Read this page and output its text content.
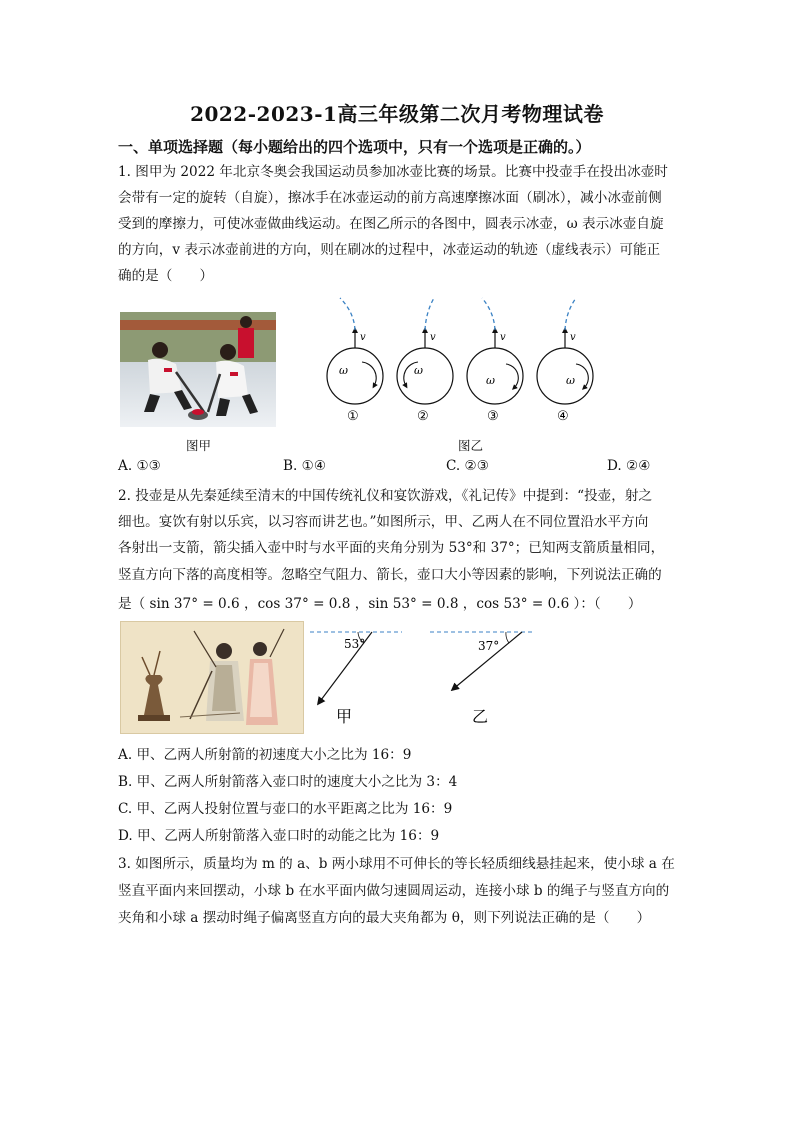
2022-2023-1高三年级第二次月考物理试卷
一、单项选择题（每小题给出的四个选项中，只有一个选项是正确的。）
1. 图甲为 2022 年北京冬奥会我国运动员参加冰壶比赛的场景。比赛中投壶手在投出冰壶时
会带有一定的旋转（自旋），擦冰手在冰壶运动的前方高速摩擦冰面（刷冰），减小冰壶前侧
受到的摩擦力，可使冰壶做曲线运动。在图乙所示的各图中，圆表示冰壶，ω 表示冰壶自旋
的方向，v 表示冰壶前进的方向，则在刷冰的过程中，冰壶运动的轨迹（虚线表示）可能正
确的是（　　）
图甲
ω
v
①
ω
v
②
ω
v
③
ω
v
④
图乙
A. ①③	B. ①④	C. ②③	D. ②④
2. 投壶是从先秦延续至清末的中国传统礼仪和宴饮游戏，《礼记传》中提到：“投壶，射之
细也。宴饮有射以乐宾，以习容而讲艺也。”如图所示，甲、乙两人在不同位置沿水平方向
各射出一支箭，箭尖插入壶中时与水平面的夹角分别为 53°和 37°；已知两支箭质量相同，
竖直方向下落的高度相等。忽略空气阻力、箭长，壶口大小等因素的影响，下列说法正确的
是（ sin 37° = 0.6 ，cos 37° = 0.8 ，sin 53° = 0.8 ，cos 53° = 0.6 ）：（　　）
53°
甲
37°
乙
A. 甲、乙两人所射箭的初速度大小之比为 16：9
B. 甲、乙两人所射箭落入壶口时的速度大小之比为 3：4
C. 甲、乙两人投射位置与壶口的水平距离之比为 16：9
D. 甲、乙两人所射箭落入壶口时的动能之比为 16：9
3. 如图所示，质量均为 m 的 a、b 两小球用不可伸长的等长轻质细线悬挂起来，使小球 a 在
竖直平面内来回摆动，小球 b 在水平面内做匀速圆周运动，连接小球 b 的绳子与竖直方向的
夹角和小球 a 摆动时绳子偏离竖直方向的最大夹角都为 θ，则下列说法正确的是（　　）
